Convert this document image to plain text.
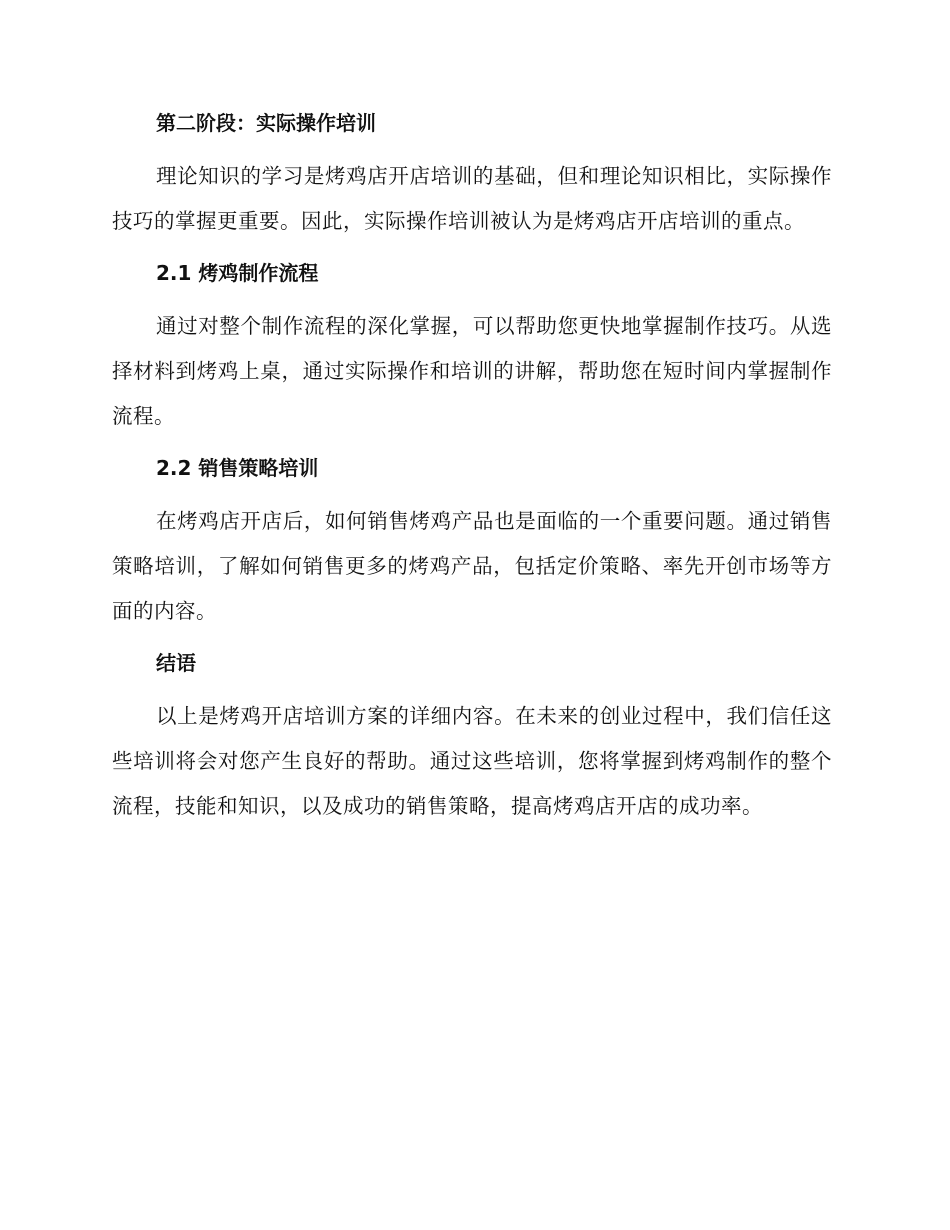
第二阶段：实际操作培训

理论知识的学习是烤鸡店开店培训的基础，但和理论知识相比，实际操作技巧的掌握更重要。因此，实际操作培训被认为是烤鸡店开店培训的重点。

2.1 烤鸡制作流程

通过对整个制作流程的深化掌握，可以帮助您更快地掌握制作技巧。从选择材料到烤鸡上桌，通过实际操作和培训的讲解，帮助您在短时间内掌握制作流程。

2.2 销售策略培训

在烤鸡店开店后，如何销售烤鸡产品也是面临的一个重要问题。通过销售策略培训，了解如何销售更多的烤鸡产品，包括定价策略、率先开创市场等方面的内容。

结语

以上是烤鸡开店培训方案的详细内容。在未来的创业过程中，我们信任这些培训将会对您产生良好的帮助。通过这些培训，您将掌握到烤鸡制作的整个流程，技能和知识，以及成功的销售策略，提高烤鸡店开店的成功率。
